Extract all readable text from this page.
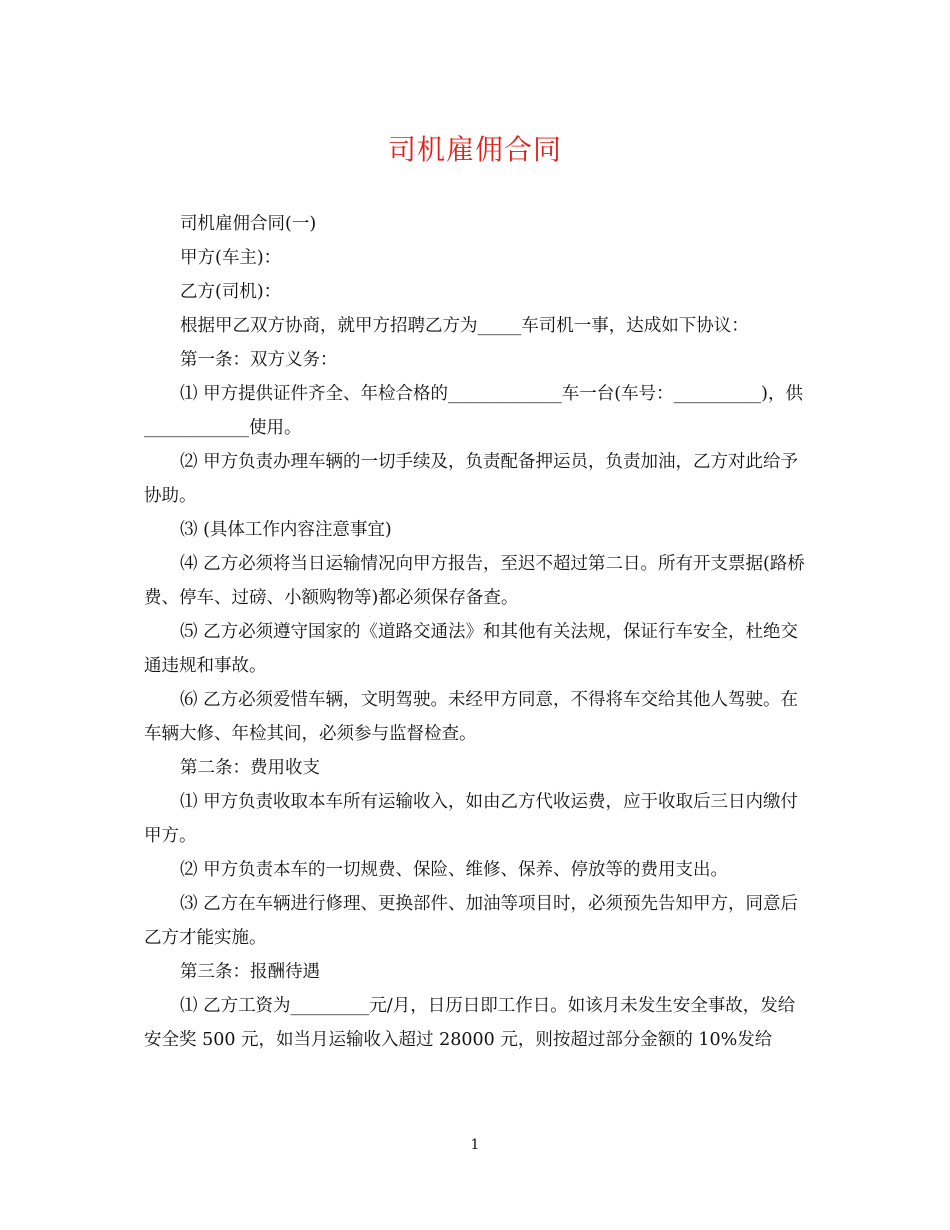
司机雇佣合同

司机雇佣合同(一)

甲方(车主)：

乙方(司机)：

根据甲乙双方协商，就甲方招聘乙方为_____车司机一事，达成如下协议：

第一条：双方义务：

⑴ 甲方提供证件齐全、年检合格的_____________车一台(车号：__________)，供____________使用。

⑵ 甲方负责办理车辆的一切手续及，负责配备押运员，负责加油，乙方对此给予协助。

⑶ (具体工作内容注意事宜)

⑷ 乙方必须将当日运输情况向甲方报告，至迟不超过第二日。所有开支票据(路桥费、停车、过磅、小额购物等)都必须保存备查。

⑸ 乙方必须遵守国家的《道路交通法》和其他有关法规，保证行车安全，杜绝交通违规和事故。

⑹ 乙方必须爱惜车辆，文明驾驶。未经甲方同意，不得将车交给其他人驾驶。在车辆大修、年检其间，必须参与监督检查。

第二条：费用收支

⑴ 甲方负责收取本车所有运输收入，如由乙方代收运费，应于收取后三日内缴付甲方。

⑵ 甲方负责本车的一切规费、保险、维修、保养、停放等的费用支出。

⑶ 乙方在车辆进行修理、更换部件、加油等项目时，必须预先告知甲方，同意后乙方才能实施。

第三条：报酬待遇

⑴ 乙方工资为_________元/月，日历日即工作日。如该月未发生安全事故，发给安全奖 500 元，如当月运输收入超过 28000 元，则按超过部分金额的 10%发给

1
